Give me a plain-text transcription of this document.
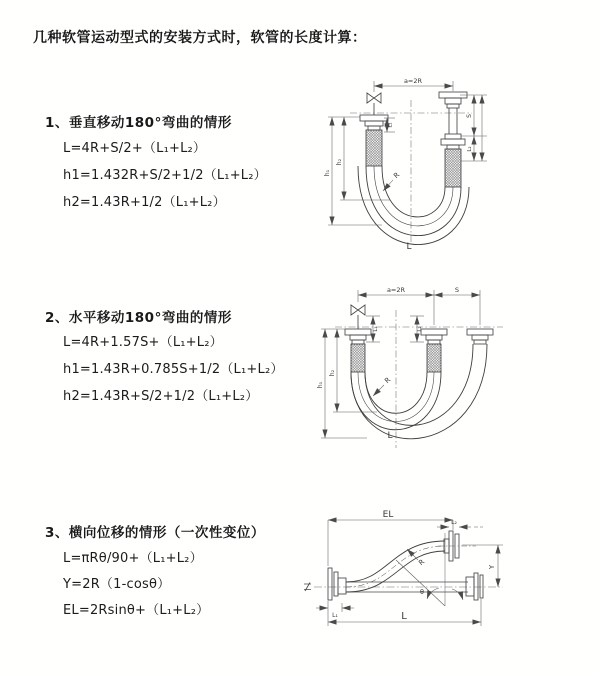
几种软管运动型式的安装方式时，软管的长度计算：
1、垂直移动180°弯曲的情形
L=4R+S/2+（L₁+L₂）
h1=1.432R+S/2+1/2（L₁+L₂）
h2=1.43R+1/2（L₁+L₂）
2、水平移动180°弯曲的情形
L=4R+1.57S+（L₁+L₂）
h1=1.43R+0.785S+1/2（L₁+L₂）
h2=1.43R+S/2+1/2（L₁+L₂）
3、横向位移的情形（一次性变位）
L=πRθ/90+（L₁+L₂）
Y=2R（1-cosθ）
EL=2Rsinθ+（L₁+L₂）
a=2R
h₁
h₂
L₁
S
L₂
R
L
a=2R	S
h₁
h₂
L₁	L₂
R
L
EL
L₂
θ
R	Y
L
L₁
